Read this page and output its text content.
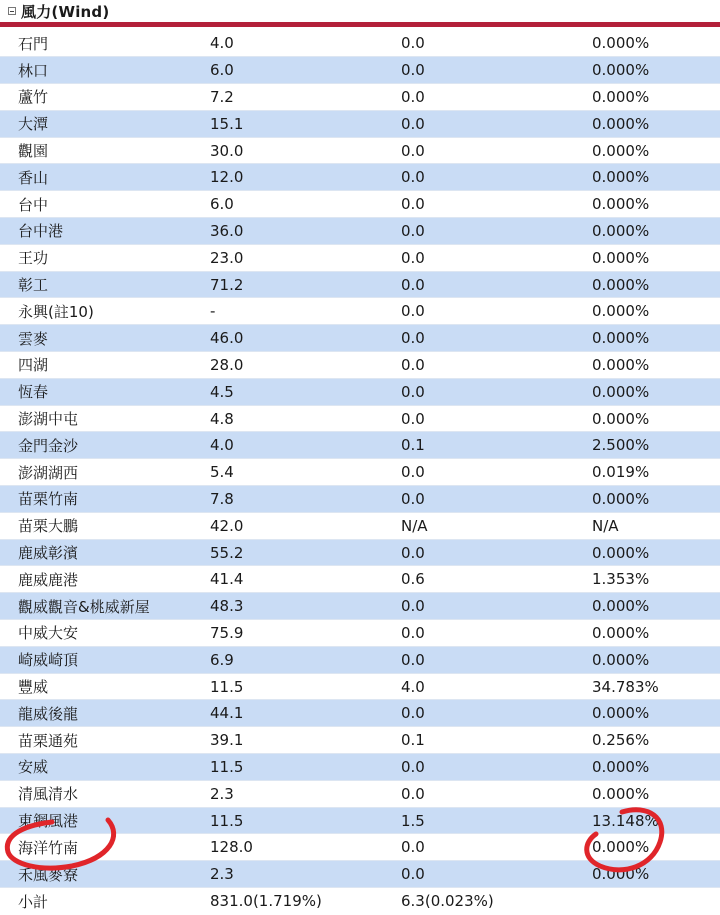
風力(Wind)
石門	4.0	0.0	0.000%
林口	6.0	0.0	0.000%
蘆竹	7.2	0.0	0.000%
大潭	15.1	0.0	0.000%
觀園	30.0	0.0	0.000%
香山	12.0	0.0	0.000%
台中	6.0	0.0	0.000%
台中港	36.0	0.0	0.000%
王功	23.0	0.0	0.000%
彰工	71.2	0.0	0.000%
永興(註10)	-	0.0	0.000%
雲麥	46.0	0.0	0.000%
四湖	28.0	0.0	0.000%
恆春	4.5	0.0	0.000%
澎湖中屯	4.8	0.0	0.000%
金門金沙	4.0	0.1	2.500%
澎湖湖西	5.4	0.0	0.019%
苗栗竹南	7.8	0.0	0.000%
苗栗大鵬	42.0	N/A	N/A
鹿威彰濱	55.2	0.0	0.000%
鹿威鹿港	41.4	0.6	1.353%
觀威觀音&桃威新屋	48.3	0.0	0.000%
中威大安	75.9	0.0	0.000%
崎威崎頂	6.9	0.0	0.000%
豐威	11.5	4.0	34.783%
龍威後龍	44.1	0.0	0.000%
苗栗通苑	39.1	0.1	0.256%
安威	11.5	0.0	0.000%
清風清水	2.3	0.0	0.000%
東鋼風港	11.5	1.5	13.148%
海洋竹南	128.0	0.0	0.000%
禾風麥寮	2.3	0.0	0.000%
小計	831.0(1.719%)	6.3(0.023%)	
